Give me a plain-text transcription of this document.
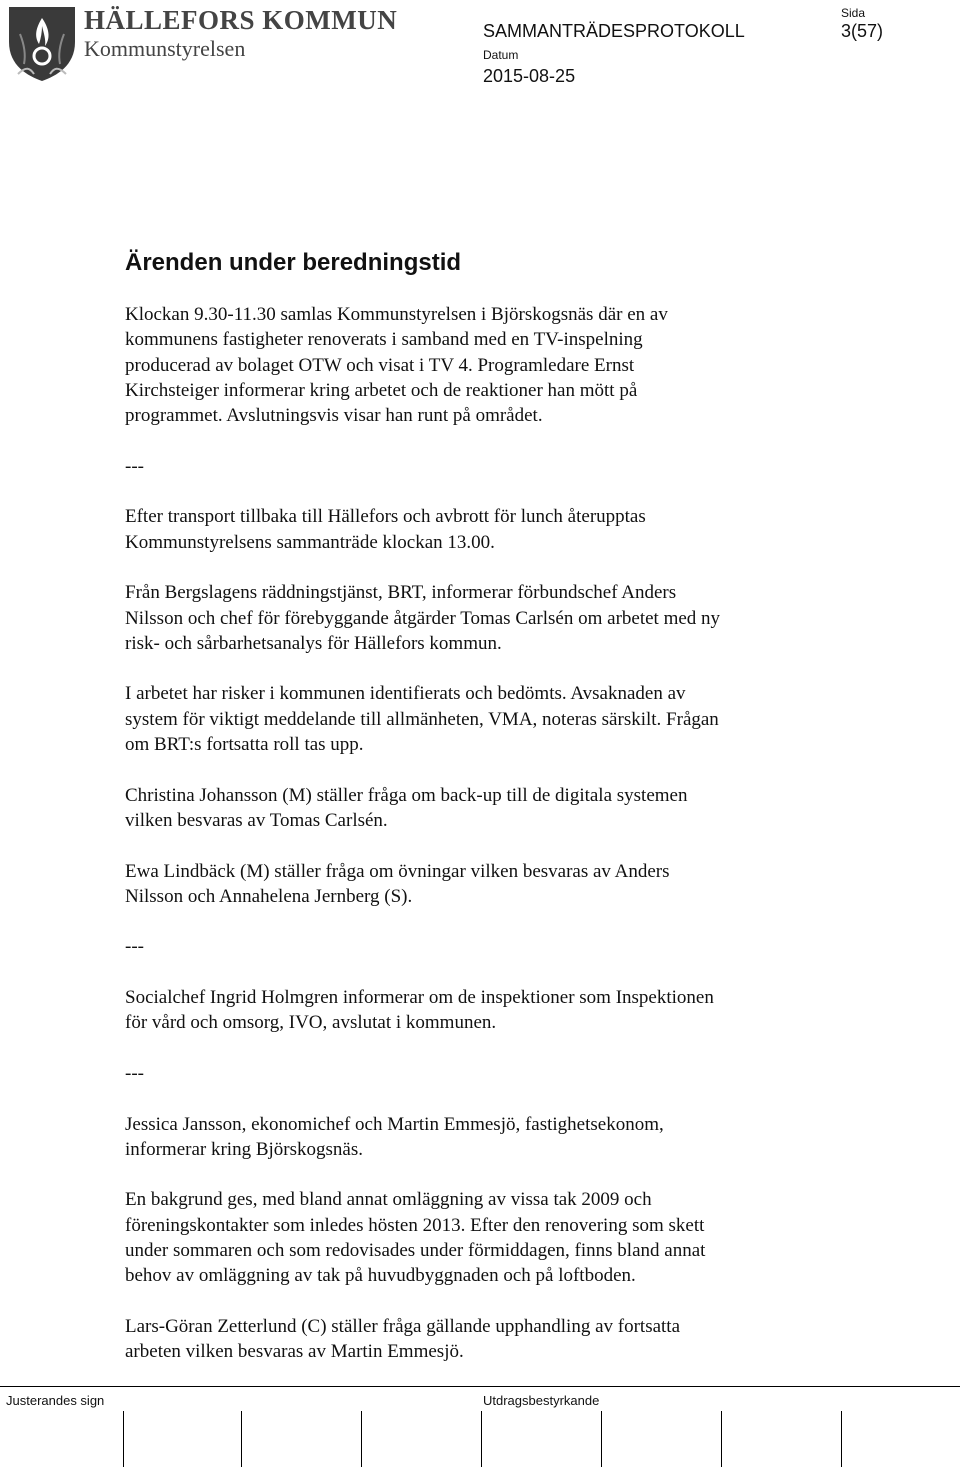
HÄLLEFORS KOMMUN
Kommunstyrelsen
SAMMANTRÄDESPROTOKOLL
Sida
3(57)
Datum
2015-08-25
Ärenden under beredningstid

Klockan 9.30-11.30 samlas Kommunstyrelsen i Björskogsnäs där en av
kommunens fastigheter renoverats i samband med en TV-inspelning
producerad av bolaget OTW och visat i TV 4. Programledare Ernst
Kirchsteiger informerar kring arbetet och de reaktioner han mött på
programmet. Avslutningsvis visar han runt på området.

---

Efter transport tillbaka till Hällefors och avbrott för lunch återupptas
Kommunstyrelsens sammanträde klockan 13.00.

Från Bergslagens räddningstjänst, BRT, informerar förbundschef Anders
Nilsson och chef för förebyggande åtgärder Tomas Carlsén om arbetet med ny
risk- och sårbarhetsanalys för Hällefors kommun.

I arbetet har risker i kommunen identifierats och bedömts. Avsaknaden av
system för viktigt meddelande till allmänheten, VMA, noteras särskilt. Frågan
om BRT:s fortsatta roll tas upp.

Christina Johansson (M) ställer fråga om back-up till de digitala systemen
vilken besvaras av Tomas Carlsén.

Ewa Lindbäck (M) ställer fråga om övningar vilken besvaras av Anders
Nilsson och Annahelena Jernberg (S).

---

Socialchef Ingrid Holmgren informerar om de inspektioner som Inspektionen
för vård och omsorg, IVO, avslutat i kommunen.

---

Jessica Jansson, ekonomichef och Martin Emmesjö, fastighetsekonom,
informerar kring Björskogsnäs.

En bakgrund ges, med bland annat omläggning av vissa tak 2009 och
föreningskontakter som inledes hösten 2013. Efter den renovering som skett
under sommaren och som redovisades under förmiddagen, finns bland annat
behov av omläggning av tak på huvudbyggnaden och på loftboden.

Lars-Göran Zetterlund (C) ställer fråga gällande upphandling av fortsatta
arbeten vilken besvaras av Martin Emmesjö.

Justerandes sign	Utdragsbestyrkande
